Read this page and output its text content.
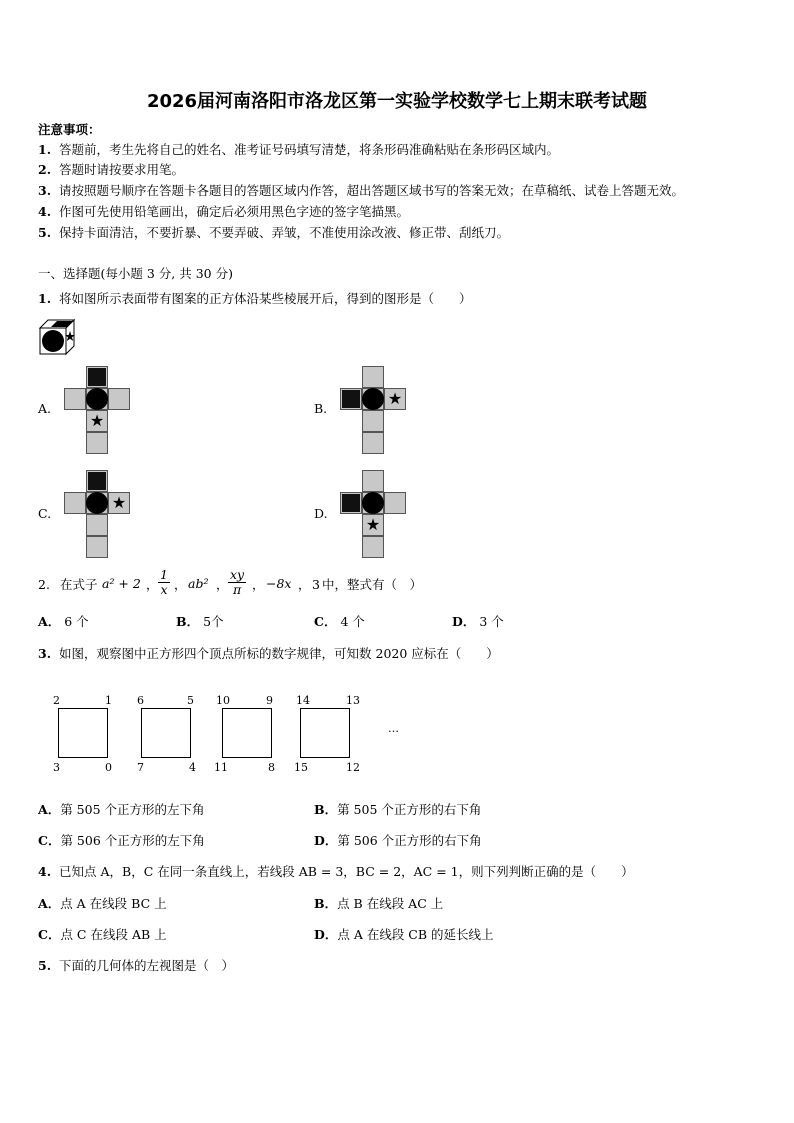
2026届河南洛阳市洛龙区第一实验学校数学七上期末联考试题
注意事项：
1. 答题前，考生先将自己的姓名、准考证号码填写清楚，将条形码准确粘贴在条形码区域内。
2. 答题时请按要求用笔。
3. 请按照题号顺序在答题卡各题目的答题区域内作答，超出答题区域书写的答案无效；在草稿纸、试卷上答题无效。
4. 作图可先使用铅笔画出，确定后必须用黑色字迹的签字笔描黑。
5. 保持卡面清洁，不要折暴、不要弄破、弄皱，不准使用涂改液、修正带、刮纸刀。
一、选择题(每小题 3 分, 共 30 分)
1. 将如图所示表面带有图案的正方体沿某些棱展开后，得到的图形是（　　）
A.
★
B.
★
C.
★
D.
★
2. 在式子 a² + 2 ， $\frac{1}{x}$ ， ab² ， $\frac{xy}{\pi}$ ， −8x ， 3 中，整式有（　）
A． 6 个	B． 5个	C． 4 个	D． 3 个
3. 如图，观察图中正方形四个顶点所标的数字规律，可知数 2020 应标在（　　）
2	1
3	0
6	5
7	4
10	9
11	8
14	13
15	12
…
A．第 505 个正方形的左下角	B．第 505 个正方形的右下角
C．第 506 个正方形的左下角	D．第 506 个正方形的右下角
4. 已知点 A，B，C 在同一条直线上，若线段 AB = 3，BC = 2，AC = 1，则下列判断正确的是（　　）
A．点 A 在线段 BC 上	B．点 B 在线段 AC 上
C．点 C 在线段 AB 上	D．点 A 在线段 CB 的延长线上
5. 下面的几何体的左视图是（　）
